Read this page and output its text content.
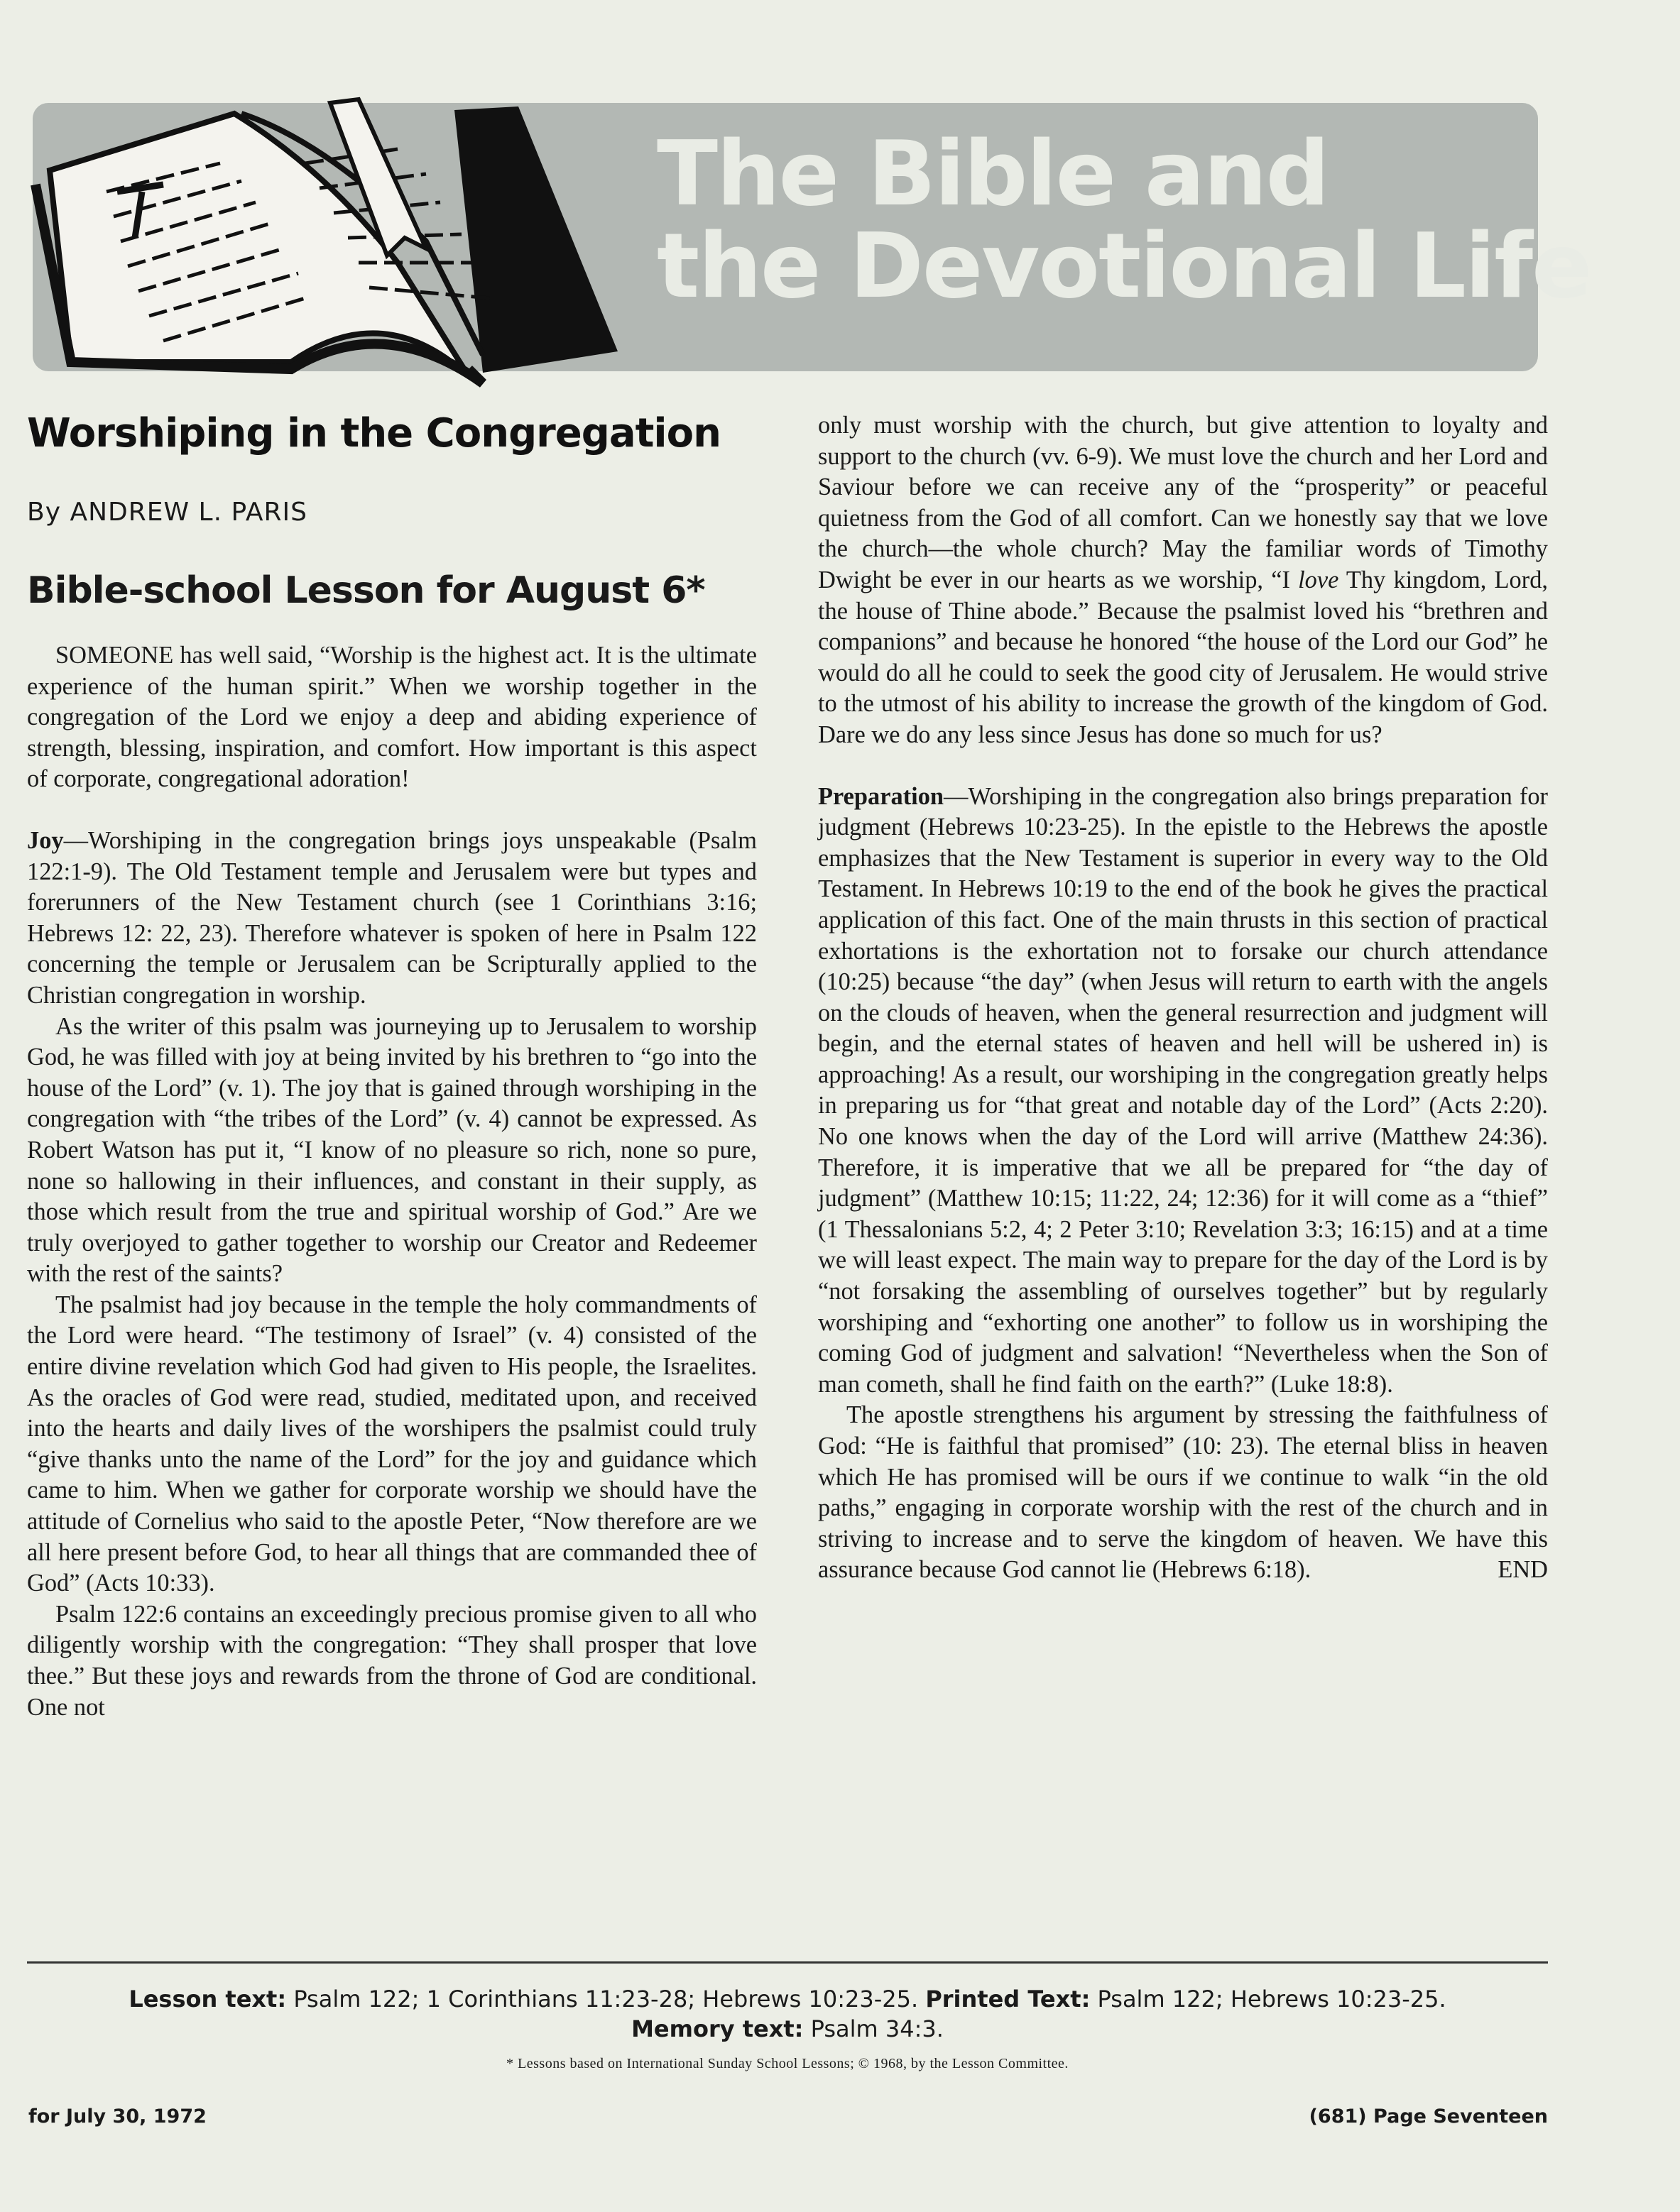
The Bible and
the Devotional Life
Worshiping in the Congregation
By ANDREW L. PARIS
Bible-school Lesson for August 6*

SOMEONE has well said, “Worship is the highest act. It is the ultimate experience of the human spirit.” When we worship together in the congregation of the Lord we enjoy a deep and abiding experience of strength, blessing, inspiration, and comfort. How important is this aspect of corporate, congregational adoration!

Joy—Worshiping in the congregation brings joys unspeakable (Psalm 122:1-9). The Old Testament temple and Jerusalem were but types and forerunners of the New Testament church (see 1 Corinthians 3:16; Hebrews 12: 22, 23). Therefore whatever is spoken of here in Psalm 122 concerning the temple or Jerusalem can be Scripturally applied to the Christian congregation in worship.

As the writer of this psalm was journeying up to Jerusalem to worship God, he was filled with joy at being invited by his brethren to “go into the house of the Lord” (v. 1). The joy that is gained through worshiping in the congregation with “the tribes of the Lord” (v. 4) cannot be expressed. As Robert Watson has put it, “I know of no pleasure so rich, none so pure, none so hallowing in their influences, and constant in their supply, as those which result from the true and spiritual worship of God.” Are we truly overjoyed to gather together to worship our Creator and Redeemer with the rest of the saints?

The psalmist had joy because in the temple the holy commandments of the Lord were heard. “The testimony of Israel” (v. 4) consisted of the entire divine revelation which God had given to His people, the Israelites. As the oracles of God were read, studied, meditated upon, and received into the hearts and daily lives of the worshipers the psalmist could truly “give thanks unto the name of the Lord” for the joy and guidance which came to him. When we gather for corporate worship we should have the attitude of Cornelius who said to the apostle Peter, “Now therefore are we all here present before God, to hear all things that are commanded thee of God” (Acts 10:33).

Psalm 122:6 contains an exceedingly precious promise given to all who diligently worship with the congregation: “They shall prosper that love thee.” But these joys and rewards from the throne of God are conditional. One not

only must worship with the church, but give attention to loyalty and support to the church (vv. 6-9). We must love the church and her Lord and Saviour before we can receive any of the “prosperity” or peaceful quietness from the God of all comfort. Can we honestly say that we love the church—the whole church? May the familiar words of Timothy Dwight be ever in our hearts as we worship, “I love Thy kingdom, Lord, the house of Thine abode.” Because the psalmist loved his “brethren and companions” and because he honored “the house of the Lord our God” he would do all he could to seek the good city of Jerusalem. He would strive to the utmost of his ability to increase the growth of the kingdom of God. Dare we do any less since Jesus has done so much for us?

Preparation—Worshiping in the congregation also brings preparation for judgment (Hebrews 10:23-25). In the epistle to the Hebrews the apostle emphasizes that the New Testament is superior in every way to the Old Testament. In Hebrews 10:19 to the end of the book he gives the practical application of this fact. One of the main thrusts in this section of practical exhortations is the exhortation not to forsake our church attendance (10:25) because “the day” (when Jesus will return to earth with the angels on the clouds of heaven, when the general resurrection and judgment will begin, and the eternal states of heaven and hell will be ushered in) is approaching! As a result, our worshiping in the congregation greatly helps in preparing us for “that great and notable day of the Lord” (Acts 2:20). No one knows when the day of the Lord will arrive (Matthew 24:36). Therefore, it is imperative that we all be prepared for “the day of judgment” (Matthew 10:15; 11:22, 24; 12:36) for it will come as a “thief” (1 Thessalonians 5:2, 4; 2 Peter 3:10; Revelation 3:3; 16:15) and at a time we will least expect. The main way to prepare for the day of the Lord is by “not forsaking the assembling of ourselves together” but by regularly worshiping and “exhorting one another” to follow us in worshiping the coming God of judgment and salvation! “Nevertheless when the Son of man cometh, shall he find faith on the earth?” (Luke 18:8).

The apostle strengthens his argument by stressing the faithfulness of God: “He is faithful that promised” (10: 23). The eternal bliss in heaven which He has promised will be ours if we continue to walk “in the old paths,” engaging in corporate worship with the rest of the church and in striving to increase and to serve the kingdom of heaven. We have this assurance because God cannot lie (Hebrews 6:18).	END

Lesson text: Psalm 122; 1 Corinthians 11:23-28; Hebrews 10:23-25. Printed Text: Psalm 122; Hebrews 10:23-25.
Memory text: Psalm 34:3.
* Lessons based on International Sunday School Lessons; © 1968, by the Lesson Committee.
for July 30, 1972	(681) Page Seventeen
